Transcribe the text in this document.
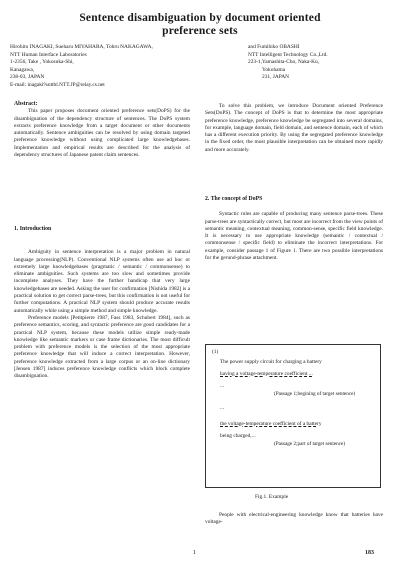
Sentence disambiguation by document oriented
preference sets
Hirohito INAGAKI, Sueharu MIYAHARA, Tohru NAKAGAWA,
NTT Human Interface Laboratories
1-2356, Take , Yokosuka-Shi,
Kanagawa,
238-03, JAPAN
E-mail: inagaki%nttbl.NTT.JP@relay.cs.net
and Fumihiko OBASHI
NTT Intelligent Technology Co.,Ltd.
223-1,Yamashita-Cho, Naka-Ku,
Yokohama
231, JAPAN
Abstract:

This paper proposes document oriented preference sets(DoPS) for the disambiguation of the dependency structure of sentences. The DoPS system extracts preference knowledge from a target document or other documents automatically. Sentence ambiguities can be resolved by using domain targeted preference knowledge without using complicated large knowledgebases. Implementation and empirical results are described for the analysis of dependency structures of Japanese patent claim sentences.

1. Introduction

Ambiguity in sentence interpretation is a major problem in natural language processing(NLP). Conventional NLP systems often use ad hoc or extremely large knowledgebases (pragmatic / semantic / commonsense) to eliminate ambiguities. Such systems are too slow and sometimes provide incomplete analyses. They have the further handicap that very large knowledgebases are needed. Asking the user for confirmation [Nishida 1982] is a practical solution to get correct parse-trees, but this confirmation is not useful for further computations. A practical NLP system should produce accurate results automatically while using a simple method and simple knowledge.

Preference models [Petitpierre 1987, Fass 1983, Schubert 1984], such as preference semantics, scoring, and syntactic preference are good candidates for a practical NLP system, because these models utilize simple ready-made knowledge like semantic markers or case frame dictionaries. The most difficult problem with preference models is the selection of the most appropriate preference knowledge that will induce a correct interpretation. However, preference knowledge extracted from a large corpus or an on-line dictionary [Jensen 1987] induces preference knowledge conflicts which block complete disambiguation.

To solve this problem, we introduce Document oriented Preference Sets(DoPS). The concept of DoPS is that to determine the most appropriate preference knowledge, preference knowledge be segregated into several domains, for example, language domain, field domain, and sentence domain, each of which has a different execution priority. By using the segregated preference knowledge in the fixed order, the most plausible interpretation can be obtained more rapidly and more accurately.

2. The concept of DoPS

Syntactic rules are capable of producing many sentence parse-trees. These parse-trees are syntactically correct, but most are incorrect from the view points of semantic meaning, contextual meaning, common-sense, specific field knowledge. It is necessary to use appropriate knowledge (semantic / contextual / commonsense / specific field) to eliminate the incorrect interpretations. For example, consider passage 1 of Figure 1. There are two possible interpretations for the gerund-phrase attachment.

(1)
The power supply circuit for charging a battery
having a voltage-temperature coefficient ...
...
(Passage 1;begining of target sentence)
...
the voltage-temperature coefficient of a battery
being charged,...
(Passage 2;part of target sentence)
Fig.1. Example

People with electrical-engineering knowledge know that batteries have voltage-

1	183
